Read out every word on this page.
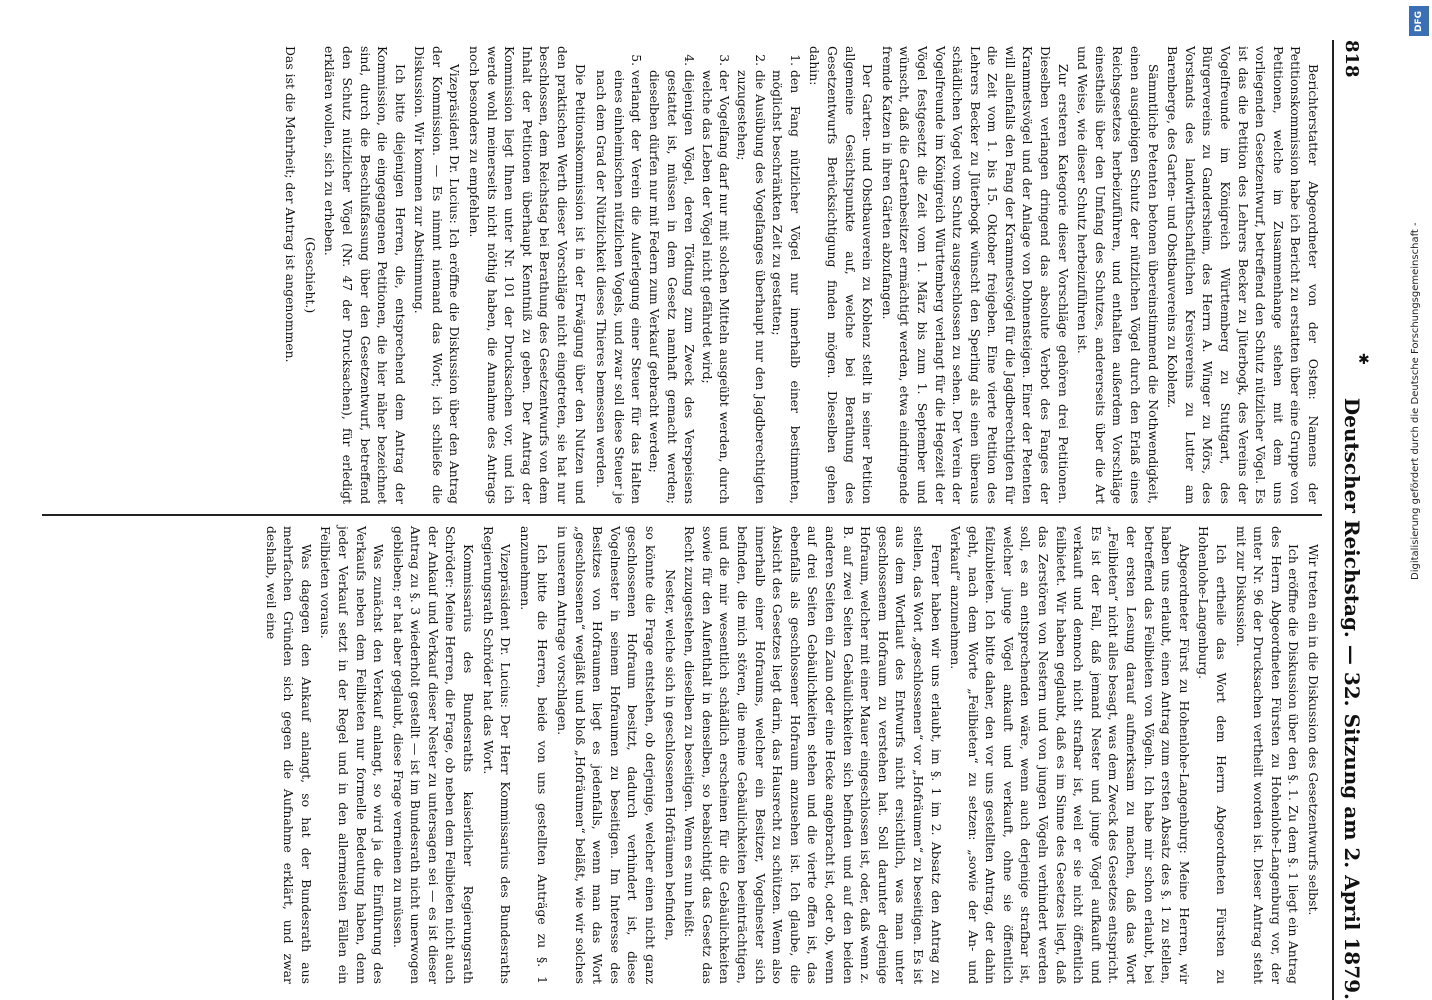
818
Deutscher Reichstag. — 32. Sitzung am 2. April 1879.

Berichterstatter Abgeordneter von der Osten: Namens der Petitionskommission habe ich Bericht zu erstatten über eine Gruppe von Petitionen, welche im Zusammenhange stehen mit dem uns vorliegenden Gesetzentwurf, betreffend den Schutz nützlicher Vögel. Es ist das die Petition des Lehrers Becker zu Jüterbogk, des Vereins der Vogelfreunde im Königreich Württemberg zu Stuttgart, des Bürgervereins zu Gandersheim, des Herrn A. Winger zu Mörs, des Vorstands des landwirthschaftlichen Kreisvereins zu Lutter am Barenberge, des Garten- und Obstbauvereins zu Koblenz.

Sämmtliche Petenten betonen übereinstimmend die Nothwendigkeit, einen ausgiebigen Schutz der nützlichen Vögel durch den Erlaß eines Reichsgesetzes herbeizuführen, und enthalten außerdem Vorschläge einestheils über den Umfang des Schutzes, andererseits über die Art und Weise, wie dieser Schutz herbeizuführen ist.

Zur ersteren Kategorie dieser Vorschläge gehören drei Petitionen. Dieselben verlangen dringend das absolute Verbot des Fanges der Krammetsvögel und der Anlage von Dohnensteigen. Einer der Petenten will allenfalls den Fang der Krammetsvögel für die Jagdberechtigten für die Zeit vom 1. bis 15. Oktober freigeben. Eine vierte Petition des Lehrers Becker zu Jüterbogk wünscht den Sperling als einen überaus schädlichen Vogel vom Schutz ausgeschlossen zu sehen. Der Verein der Vogelfreunde im Königreich Württemberg verlangt für die Hegezeit der Vögel festgesetzt die Zeit vom 1. März bis zum 1. September und wünscht, daß die Gartenbesitzer ermächtigt werden, etwa eindringende fremde Katzen in ihren Gärten abzufangen.

Der Garten- und Obstbauverein zu Koblenz stellt in seiner Petition allgemeine Gesichtspunkte auf, welche bei Berathung des Gesetzentwurfs Berücksichtigung finden mögen. Dieselben gehen dahin:

1. den Fang nützlicher Vögel nur innerhalb einer bestimmten, möglichst beschränkten Zeit zu gestatten;
2. die Ausübung des Vogelfanges überhaupt nur den Jagdberechtigten zuzugestehen;
3. der Vogelfang darf nur mit solchen Mitteln ausgeübt werden, durch welche das Leben der Vögel nicht gefährdet wird;
4. diejenigen Vögel, deren Tödtung zum Zweck des Verspeisens gestattet ist, müssen in dem Gesetz namhaft gemacht werden; dieselben dürfen nur mit Federn zum Verkauf gebracht werden;
5. verlangt der Verein die Auferlegung einer Steuer für das Halten eines einheimischen nützlichen Vogels, und zwar soll diese Steuer je nach dem Grad der Nützlichkeit dieses Thieres bemessen werden.

Die Petitionskommission ist in der Erwägung über den Nutzen und den praktischen Werth dieser Vorschläge nicht eingetreten, sie hat nur beschlossen, dem Reichstag bei Berathung des Gesetzentwurfs von dem Inhalt der Petitionen überhaupt Kenntniß zu geben. Der Antrag der Kommission liegt Ihnen unter Nr. 101 der Drucksachen vor, und ich werde wohl meinerseits nicht nöthig haben, die Annahme des Antrags noch besonders zu empfehlen.

Vizepräsident Dr. Lucius: Ich eröffne die Diskussion über den Antrag der Kommission. — Es nimmt niemand das Wort; ich schließe die Diskussion. Wir kommen zur Abstimmung.

Ich bitte diejenigen Herren, die, entsprechend dem Antrag der Kommission, die eingegangenen Petitionen, die hier näher bezeichnet sind, durch die Beschlußfassung über den Gesetzentwurf, betreffend den Schutz nützlicher Vögel (Nr. 47 der Drucksachen), für erledigt erklären wollen, sich zu erheben.

(Geschieht.)

Das ist die Mehrheit; der Antrag ist angenommen.

Wir treten ein in die Diskussion des Gesetzentwurfs selbst.

Ich eröffne die Diskussion über den §. 1. Zu dem §. 1 liegt ein Antrag des Herrn Abgeordneten Fürsten zu Hohenlohe-Langenburg vor, der unter Nr. 96 der Drucksachen vertheilt worden ist. Dieser Antrag steht mit zur Diskussion.

Ich ertheile das Wort dem Herrn Abgeordneten Fürsten zu Hohenlohe-Langenburg.

Abgeordneter Fürst zu Hohenlohe-Langenburg: Meine Herren, wir haben uns erlaubt, einen Antrag zum ersten Absatz des §. 1 zu stellen, betreffend das Feilbieten von Vögeln. Ich habe mir schon erlaubt, bei der ersten Lesung darauf aufmerksam zu machen, daß das Wort „Feilbieten“ nicht alles besagt, was dem Zweck des Gesetzes entspricht. Es ist der Fall, daß jemand Nester und junge Vögel aufkauft und verkauft und dennoch nicht strafbar ist, weil er sie nicht öffentlich feilbietet. Wir haben geglaubt, daß es im Sinne des Gesetzes liegt, daß das Zerstören von Nestern und von jungen Vögeln verhindert werden soll, es an entsprechenden wäre, wenn auch derjenige strafbar ist, welcher junge Vögel ankauft und verkauft, ohne sie öffentlich feilzubieten. Ich bitte daher, den vor uns gestellten Antrag, der dahin geht, nach dem Worte „Feilbieten“ zu setzen: „sowie der An- und Verkauf“ anzunehmen.

Ferner haben wir uns erlaubt, im §. 1 im 2. Absatz den Antrag zu stellen, das Wort „geschlossenen“ vor „Hofräumen“ zu beseitigen. Es ist aus dem Wortlaut des Entwurfs nicht ersichtlich, was man unter geschlossenem Hofraum zu verstehen hat. Soll darunter derjenige Hofraum, welcher mit einer Mauer eingeschlossen ist, oder, daß wenn z. B. auf zwei Seiten Gebäulichkeiten sich befinden und auf den beiden anderen Seiten ein Zaun oder eine Hecke angebracht ist, oder ob, wenn auf drei Seiten Gebäulichkeiten stehen und die vierte offen ist, das ebenfalls als geschlossener Hofraum anzusehen ist. Ich glaube, die Absicht des Gesetzes liegt darin, das Hausrecht zu schützen. Wenn also innerhalb einer Hofraums, welcher ein Besitzer, Vogelnester sich befinden, die mich stören, die meine Gebäulichkeiten beeinträchtigen, und die mir wesentlich schädlich erscheinen für die Gebäulichkeiten sowie für den Aufenthalt in denselben, so beabsichtigt das Gesetz das Recht zuzugestehen, dieselben zu beseitigen. Wenn es nun heißt:

Nester, welche sich in geschlossenen Hofräumen befinden,

so könnte die Frage entstehen, ob derjenige, welcher einen nicht ganz geschlossenen Hofraum besitzt, dadurch verhindert ist, diese Vogelnester in seinem Hofraumen zu beseitigen. Im Interesse des Besitzes von Hofraumen liegt es jedenfalls, wenn man das Wort „geschlossenen“ wegläßt und bloß „Hofräumen“ beläßt, wie wir solches in unserem Antrage vorschlagen.

Ich bitte die Herren, beide von uns gestellten Anträge zu §. 1 anzunehmen.

Vizepräsident Dr. Lucius: Der Herr Kommissarius des Bundesraths Regierungsrath Schröder hat das Wort.

Kommissarius des Bundesraths kaiserlicher Regierungsrath Schröder: Meine Herren, die Frage, ob neben dem Feilbieten nicht auch der Ankauf und Verkauf dieser Nester zu untersagen sei — es ist dieser Antrag zu §. 3 wiederholt gestellt — ist im Bundesrath nicht unerwogen geblieben; er hat aber geglaubt, diese Frage verneinen zu müssen.

Was zunächst den Verkauf anlangt, so wird ja die Einführung des Verkaufs neben dem Feilbieten nur formelle Bedeutung haben, denn jeder Verkauf setzt in der Regel und in den allermeisten Fällen ein Feilbieten voraus.

Was dagegen den Ankauf anlangt, so hat der Bundesrath aus mehrfachen Gründen sich gegen die Aufnahme erklärt, und zwar deshalb, weil eine

✱
DFG
Digitalisierung gefördert durch die Deutsche Forschungsgemeinschaft -
